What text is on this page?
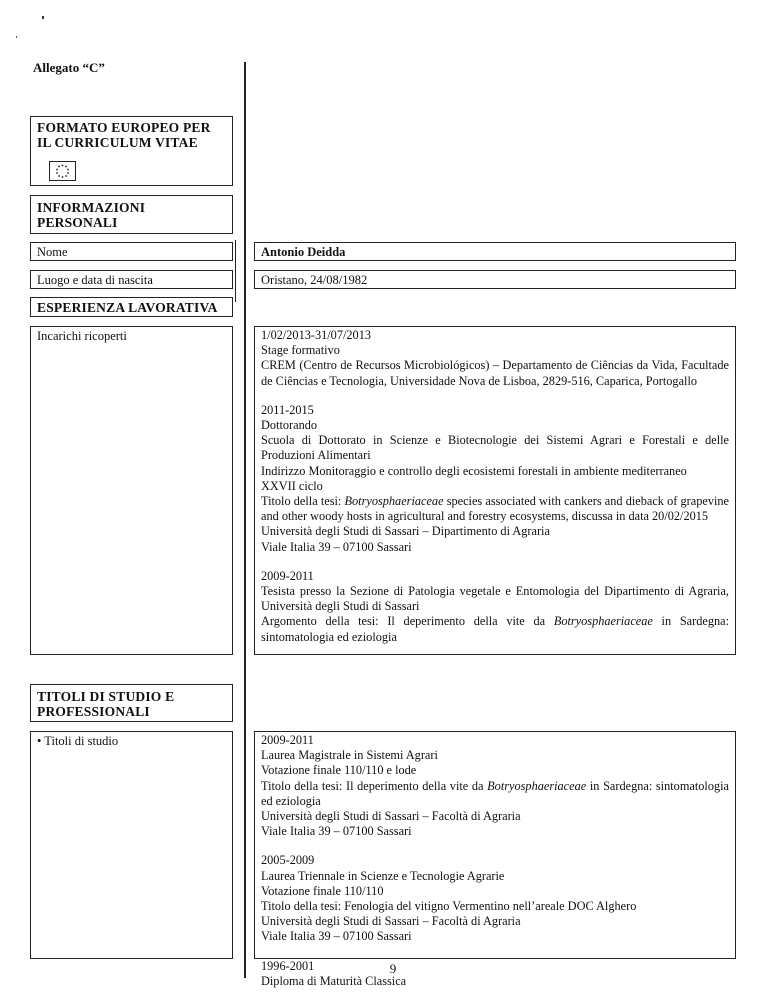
Allegato “C”
FORMATO EUROPEO PER
IL CURRICULUM VITAE
INFORMAZIONI
PERSONALI
Nome	Antonio Deidda
Luogo e data di nascita	Oristano, 24/08/1982
ESPERIENZA LAVORATIVA
Incarichi ricoperti	1/02/2013-31/07/2013
Stage formativo
CREM (Centro de Recursos Microbiológicos) – Departamento de Ciências da Vida, Facultade de Ciências e Tecnologia, Universidade Nova de Lisboa, 2829-516, Caparica, Portogallo
2011-2015
Dottorando
Scuola di Dottorato in Scienze e Biotecnologie dei Sistemi Agrari e Forestali e delle Produzioni Alimentari
Indirizzo Monitoraggio e controllo degli ecosistemi forestali in ambiente mediterraneo
XXVII ciclo
Titolo della tesi: Botryosphaeriaceae species associated with cankers and dieback of grapevine and other woody hosts in agricultural and forestry ecosystems, discussa in data 20/02/2015
Università degli Studi di Sassari – Dipartimento di Agraria
Viale Italia 39 – 07100 Sassari
2009-2011
Tesista presso la Sezione di Patologia vegetale e Entomologia del Dipartimento di Agraria, Università degli Studi di Sassari
Argomento della tesi: Il deperimento della vite da Botryosphaeriaceae in Sardegna: sintomatologia ed eziologia
TITOLI DI STUDIO E
PROFESSIONALI
• Titoli di studio	2009-2011
Laurea Magistrale in Sistemi Agrari
Votazione finale 110/110 e lode
Titolo della tesi: Il deperimento della vite da Botryosphaeriaceae in Sardegna: sintomatologia ed eziologia
Università degli Studi di Sassari – Facoltà di Agraria
Viale Italia 39 – 07100 Sassari
2005-2009
Laurea Triennale in Scienze e Tecnologie Agrarie
Votazione finale 110/110
Titolo della tesi: Fenologia del vitigno Vermentino nell’areale DOC Alghero
Università degli Studi di Sassari – Facoltà di Agraria
Viale Italia 39 – 07100 Sassari
1996-2001
Diploma di Maturità Classica
9
